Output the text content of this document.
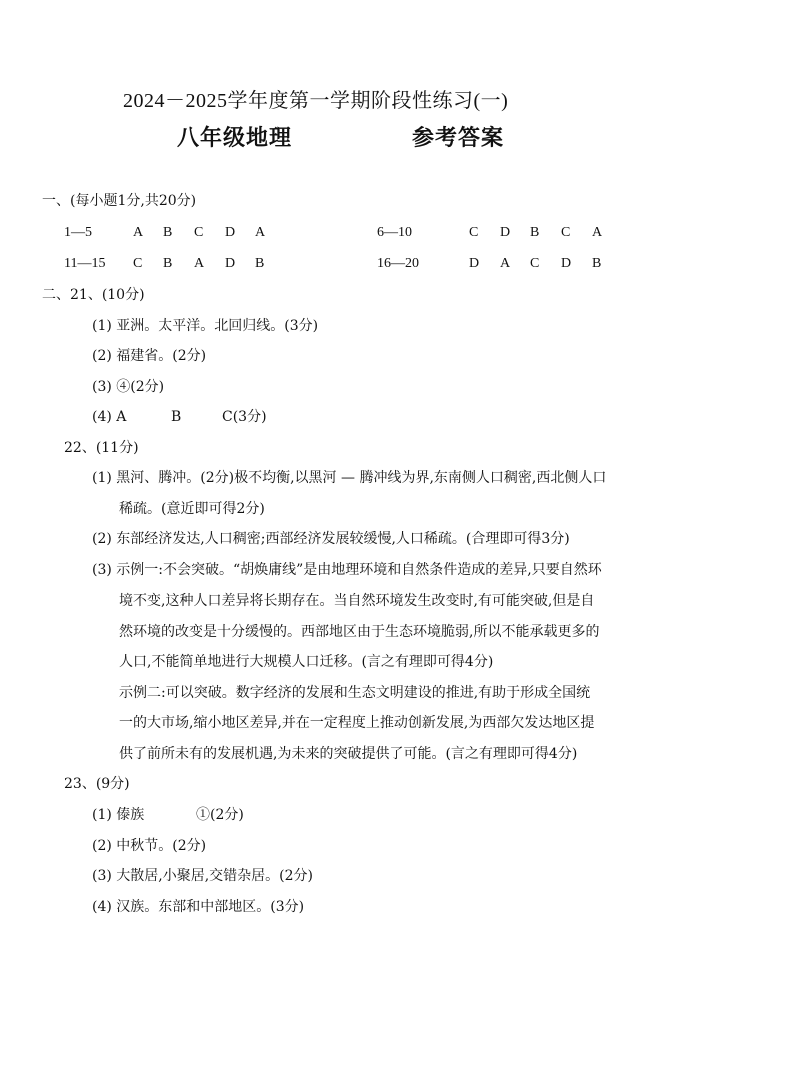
2024－2025学年度第一学期阶段性练习(一)
八年级地理	参考答案
一、(每小题1分,共20分)
1—5	A B C D A	6—10	C D B C A
11—15 C B A D B	16—20	D A C D B
二、21、(10分)
(1) 亚洲。太平洋。北回归线。(3分)
(2) 福建省。(2分)
(3) ④(2分)
(4) A	B	C(3分)
22、(11分)
(1) 黑河、腾冲。(2分)极不均衡,以黑河 — 腾冲线为界,东南侧人口稠密,西北侧人口
稀疏。(意近即可得2分)
(2) 东部经济发达,人口稠密;西部经济发展较缓慢,人口稀疏。(合理即可得3分)
(3) 示例一:不会突破。“胡焕庸线”是由地理环境和自然条件造成的差异,只要自然环
境不变,这种人口差异将长期存在。当自然环境发生改变时,有可能突破,但是自
然环境的改变是十分缓慢的。西部地区由于生态环境脆弱,所以不能承载更多的
人口,不能简单地进行大规模人口迁移。(言之有理即可得4分)
示例二:可以突破。数字经济的发展和生态文明建设的推进,有助于形成全国统
一的大市场,缩小地区差异,并在一定程度上推动创新发展,为西部欠发达地区提
供了前所未有的发展机遇,为未来的突破提供了可能。(言之有理即可得4分)
23、(9分)
(1) 傣族	①(2分)
(2) 中秋节。(2分)
(3) 大散居,小聚居,交错杂居。(2分)
(4) 汉族。东部和中部地区。(3分)
